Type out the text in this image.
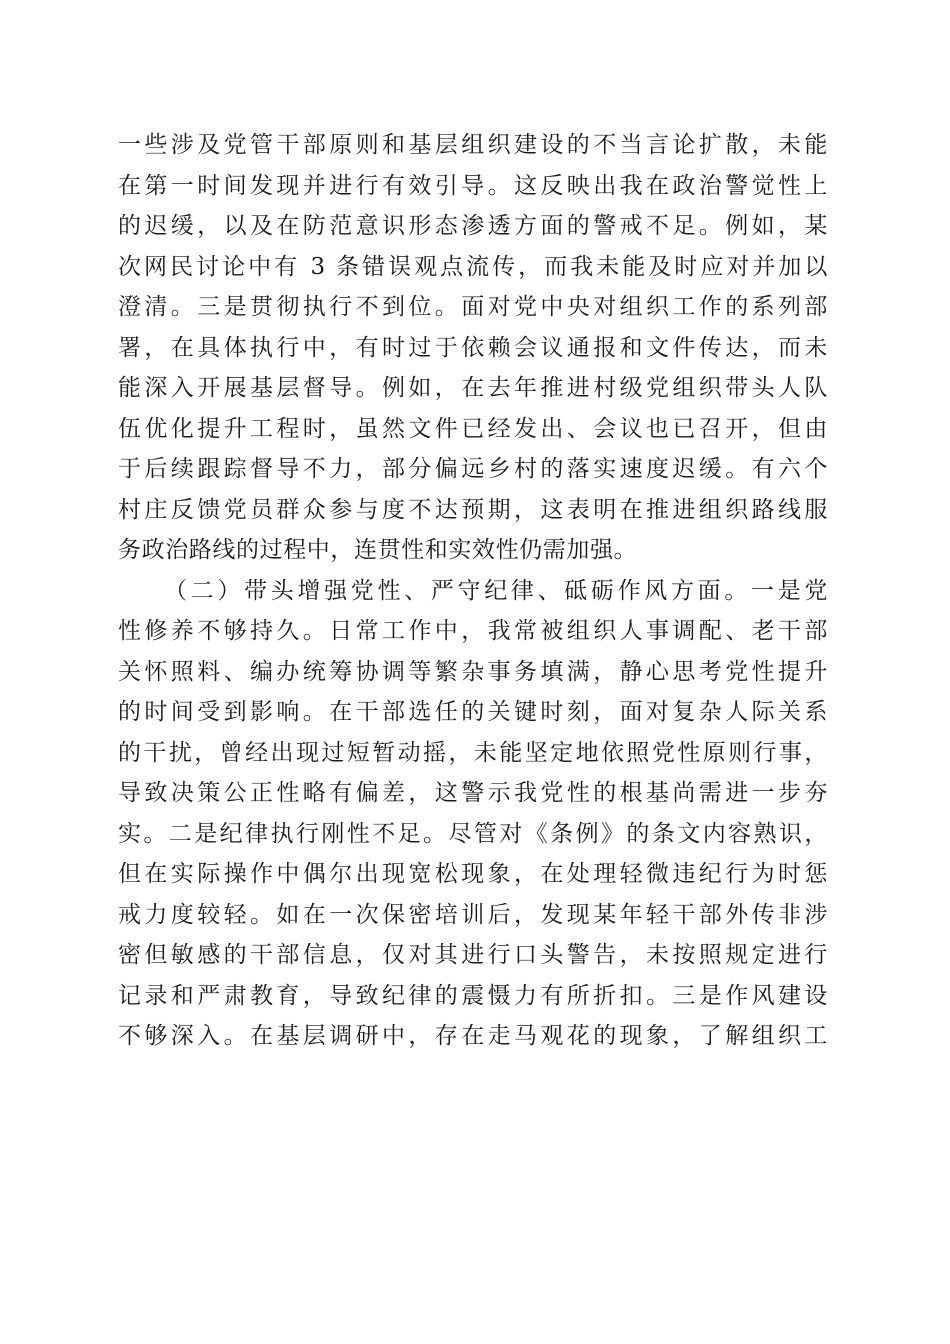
一些涉及党管干部原则和基层组织建设的不当言论扩散，未能
在第一时间发现并进行有效引导。这反映出我在政治警觉性上
的迟缓，以及在防范意识形态渗透方面的警戒不足。例如，某
次网民讨论中有 3 条错误观点流传，而我未能及时应对并加以
澄清。三是贯彻执行不到位。面对党中央对组织工作的系列部
署，在具体执行中，有时过于依赖会议通报和文件传达，而未
能深入开展基层督导。例如，在去年推进村级党组织带头人队
伍优化提升工程时，虽然文件已经发出、会议也已召开，但由
于后续跟踪督导不力，部分偏远乡村的落实速度迟缓。有六个
村庄反馈党员群众参与度不达预期，这表明在推进组织路线服
务政治路线的过程中，连贯性和实效性仍需加强。
（二）带头增强党性、严守纪律、砥砺作风方面。一是党
性修养不够持久。日常工作中，我常被组织人事调配、老干部
关怀照料、编办统筹协调等繁杂事务填满，静心思考党性提升
的时间受到影响。在干部选任的关键时刻，面对复杂人际关系
的干扰，曾经出现过短暂动摇，未能坚定地依照党性原则行事，
导致决策公正性略有偏差，这警示我党性的根基尚需进一步夯
实。二是纪律执行刚性不足。尽管对《条例》的条文内容熟识，
但在实际操作中偶尔出现宽松现象，在处理轻微违纪行为时惩
戒力度较轻。如在一次保密培训后，发现某年轻干部外传非涉
密但敏感的干部信息，仅对其进行口头警告，未按照规定进行
记录和严肃教育，导致纪律的震慑力有所折扣。三是作风建设
不够深入。在基层调研中，存在走马观花的现象，了解组织工
